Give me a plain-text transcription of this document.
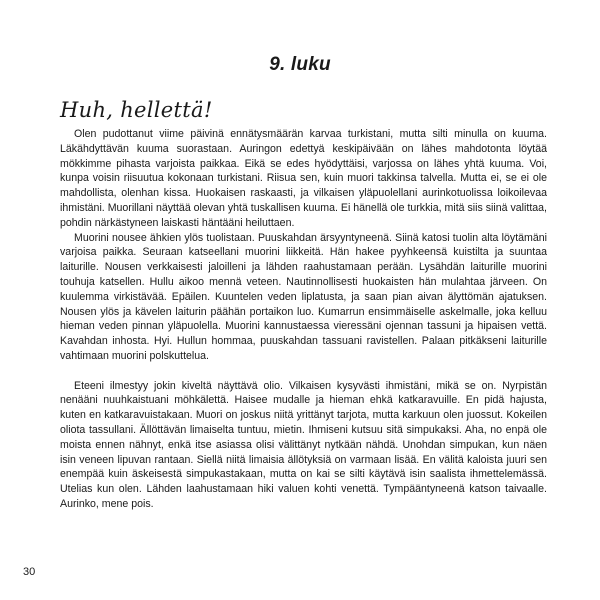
9. luku
Huh, hellettä!

Olen pudottanut viime päivinä ennätysmäärän karvaa turkistani, mutta silti minulla on kuuma. Läkähdyttävän kuuma suorastaan. Auringon edettyä keskipäivään on lähes mahdotonta löytää mökkimme pihasta varjoista paikkaa. Eikä se edes hyödyttäisi, varjossa on lähes yhtä kuuma. Voi, kunpa voisin riisuutua kokonaan turkistani. Riisua sen, kuin muori takkinsa talvella. Mutta ei, se ei ole mahdollista, olenhan kissa. Huokaisen raskaasti, ja vilkaisen yläpuolellani aurinkotuolissa loikoilevaa ihmistäni. Muorillani näyttää olevan yhtä tuskallisen kuuma. Ei hänellä ole turkkia, mitä siis siinä valittaa, pohdin närkästyneen laiskasti häntääni heiluttaen.

Muorini nousee ähkien ylös tuolistaan. Puuskahdan ärsyyntyneenä. Siinä katosi tuolin alta löytämäni varjoisa paikka. Seuraan katseellani muorini liikkeitä. Hän hakee pyyhkeensä kuistilta ja suuntaa laiturille. Nousen verkkaisesti jaloilleni ja lähden raahustamaan perään. Lysähdän laiturille muorini touhuja katsellen. Hullu aikoo mennä veteen. Nautinnollisesti huokaisten hän mulahtaa järveen. On kuulemma virkistävää. Epäilen. Kuuntelen veden liplatusta, ja saan pian aivan älyttömän ajatuksen. Nousen ylös ja kävelen laiturin päähän portaikon luo. Kumarrun ensimmäiselle askelmalle, joka kelluu hieman veden pinnan yläpuolella. Muorini kannustaessa vieressäni ojennan tassuni ja hipaisen vettä. Kavahdan inhosta. Hyi. Hullun hommaa, puuskahdan tassuani ravistellen. Palaan pitkäkseni laiturille vahtimaan muorini polskuttelua.

Eteeni ilmestyy jokin kiveltä näyttävä olio. Vilkaisen kysyvästi ihmistäni, mikä se on. Nyrpistän nenääni nuuhkaistuani möhkälettä. Haisee mudalle ja hieman ehkä katkaravuille. En pidä hajusta, kuten en katkaravuistakaan. Muori on joskus niitä yrittänyt tarjota, mutta karkuun olen juossut. Kokeilen oliota tassullani. Ällöttävän limaiselta tuntuu, mietin. Ihmiseni kutsuu sitä simpukaksi. Aha, no enpä ole moista ennen nähnyt, enkä itse asiassa olisi välittänyt nytkään nähdä. Unohdan simpukan, kun näen isin veneen lipuvan rantaan. Siellä niitä limaisia ällötyksiä on varmaan lisää. En välitä kaloista juuri sen enempää kuin äskeisestä simpukastakaan, mutta on kai se silti käytävä isin saalista ihmettelemässä. Utelias kun olen. Lähden laahustamaan hiki valuen kohti venettä. Tympääntyneenä katson taivaalle. Aurinko, mene pois.

30
